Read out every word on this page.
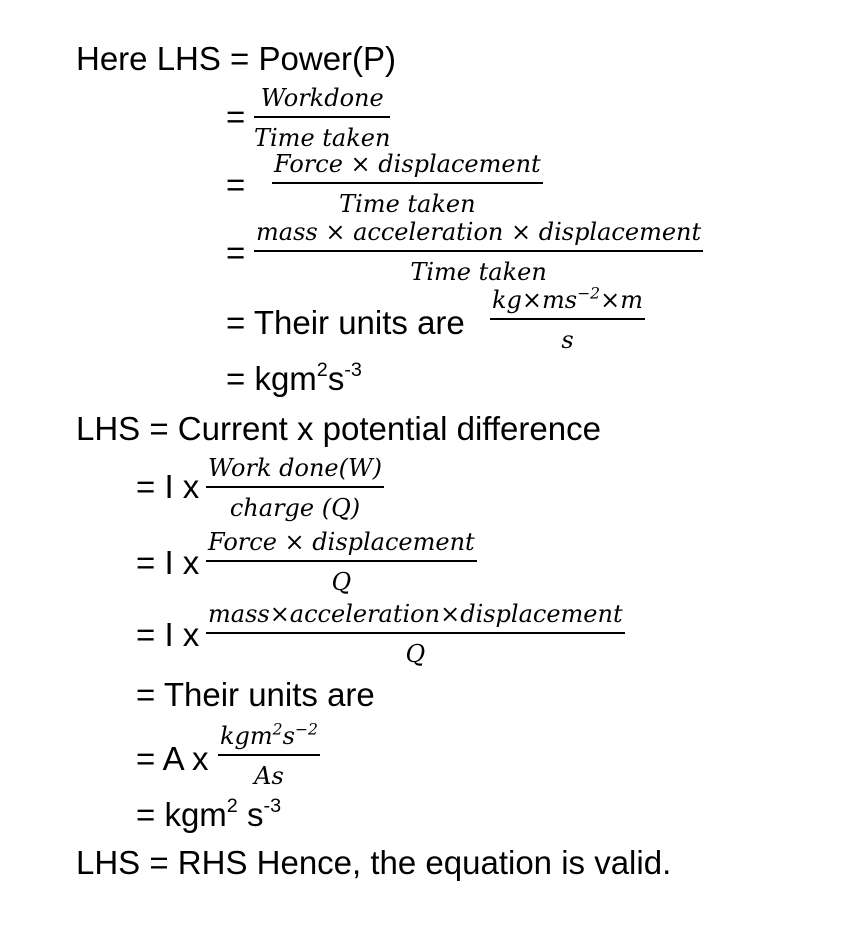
Here LHS = Power(P)
= Workdone
Time taken
=
Force × displacement
Time taken
=
mass × acceleration × displacement
Time taken
= Their units are $\frac{kg\times ms^{-2}\times m}{s}$
= $kgm^2s^{-3}$
LHS = Current x potential difference
= I x Work done(W)
charge (Q)
= I x
Force × displacement
Q
= I x
mass×acceleration×displacement
Q
= Their units are
= A x
$kgm^2s^{-2}$
As
= kgm$^2$ $s^{-3}$
LHS = RHS Hence, the equation is valid.
